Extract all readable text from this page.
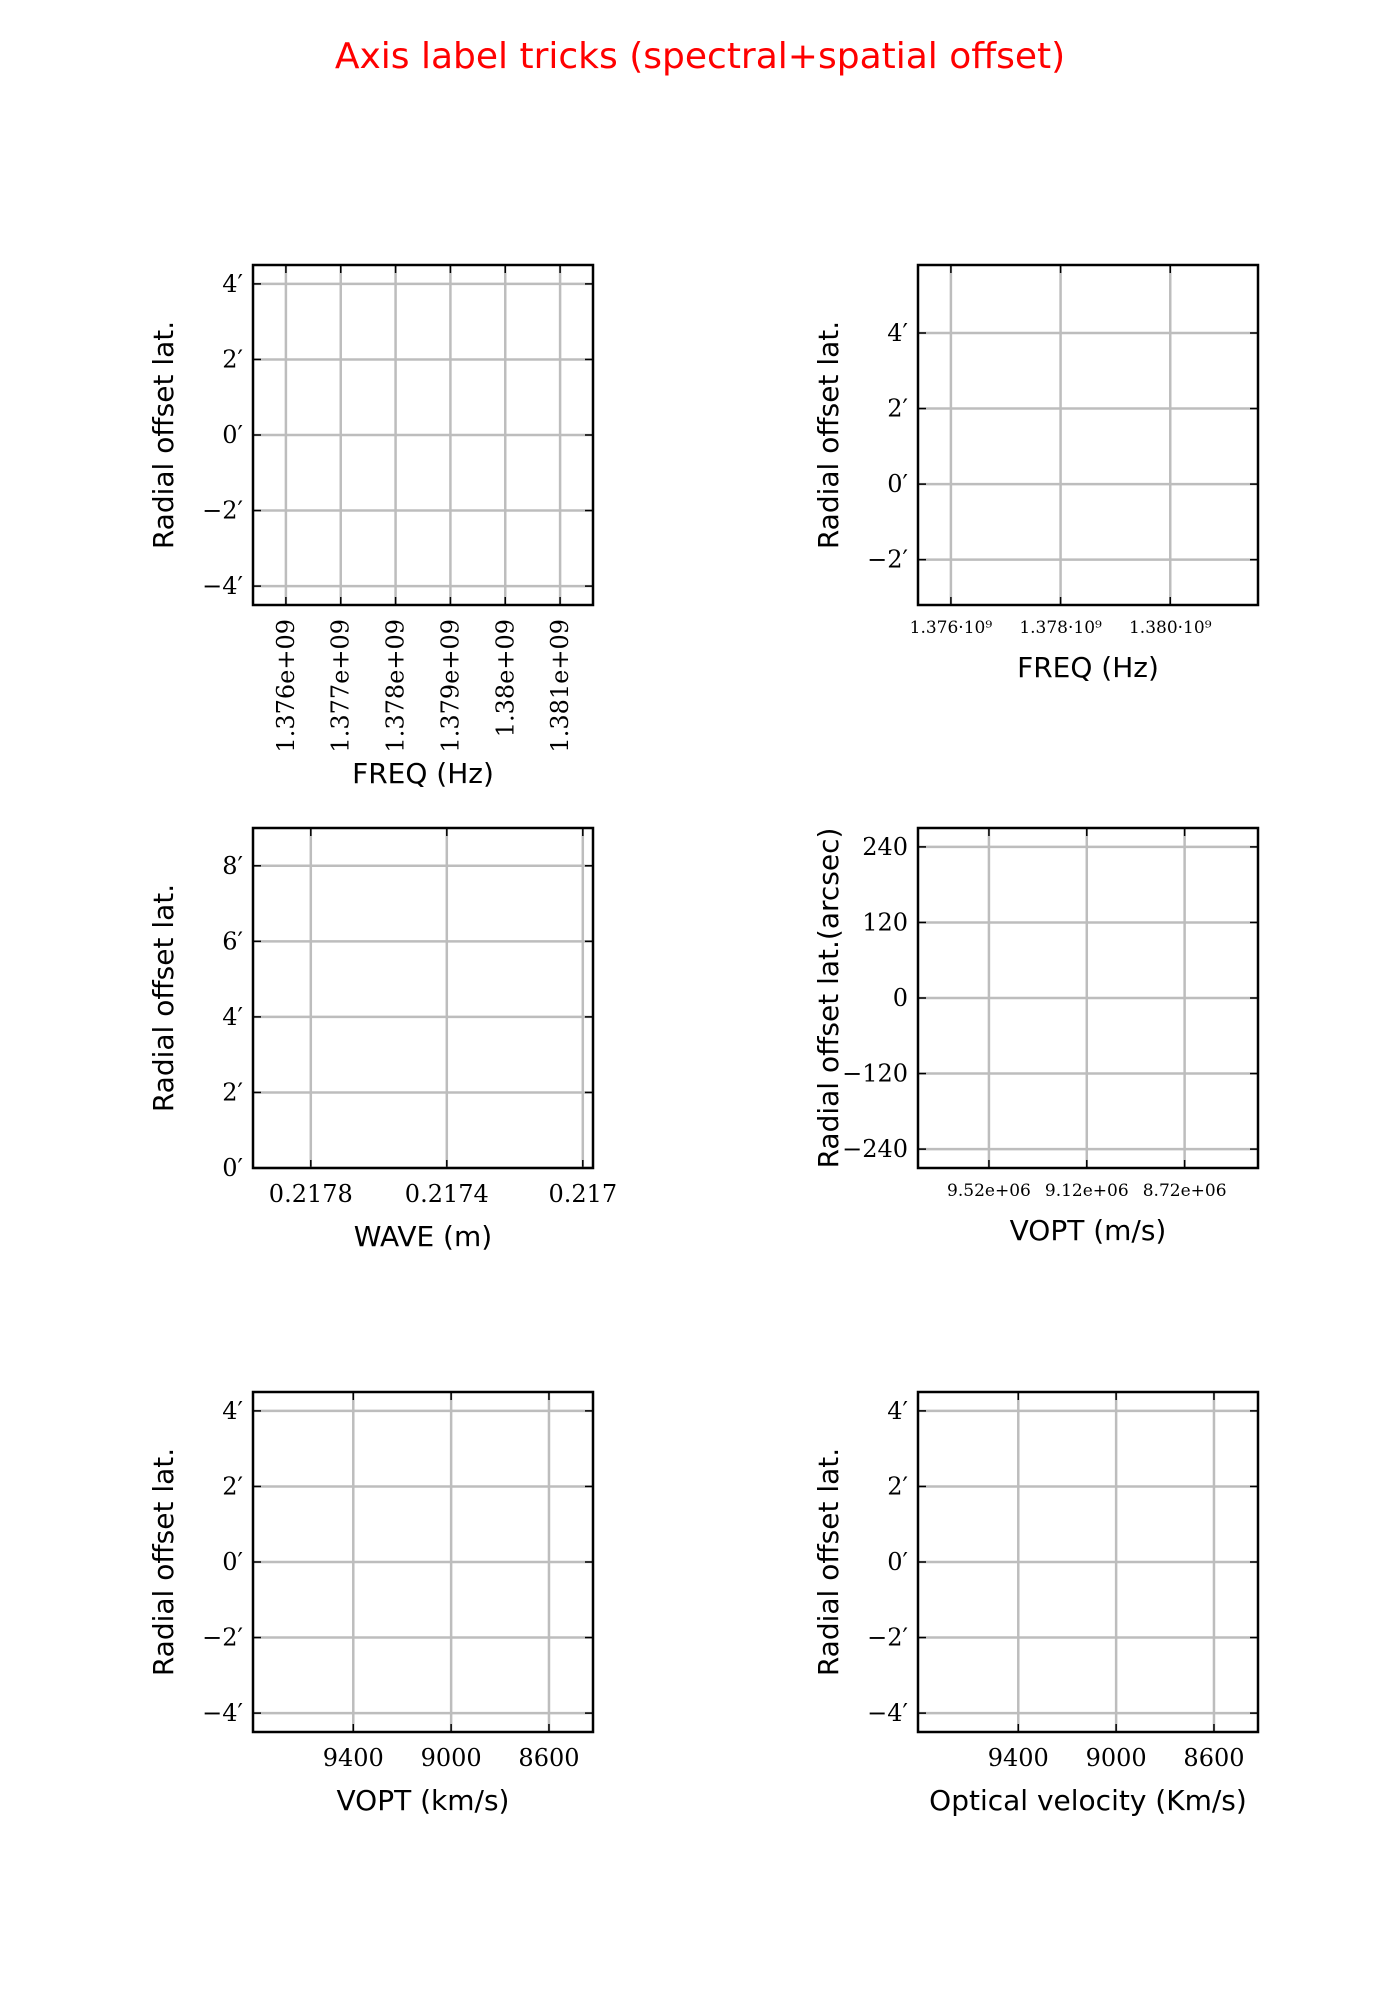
Axis label tricks (spectral+spatial offset)
1.376e+09 1.377e+09 1.378e+09 1.379e+09 1.38e+09 1.381e+09
−4′
−2′
0′
2′
4′
FREQ (Hz)
Radial offset lat.
1.376·10⁹ 1.378·10⁹ 1.380·10⁹
−2′
0′
2′
4′
FREQ (Hz)
Radial offset lat.
0.2178 0.2174 0.217
0′
2′
4′
6′
8′
WAVE (m)
Radial offset lat.
9.52e+06 9.12e+06 8.72e+06
−240
−120
0
120
240
VOPT (m/s)
Radial offset lat.(arcsec)
9400 9000 8600
−4′
−2′
0′
2′
4′
VOPT (km/s)
Radial offset lat.
9400 9000 8600
−4′
−2′
0′
2′
4′
Optical velocity (Km/s)
Radial offset lat.
